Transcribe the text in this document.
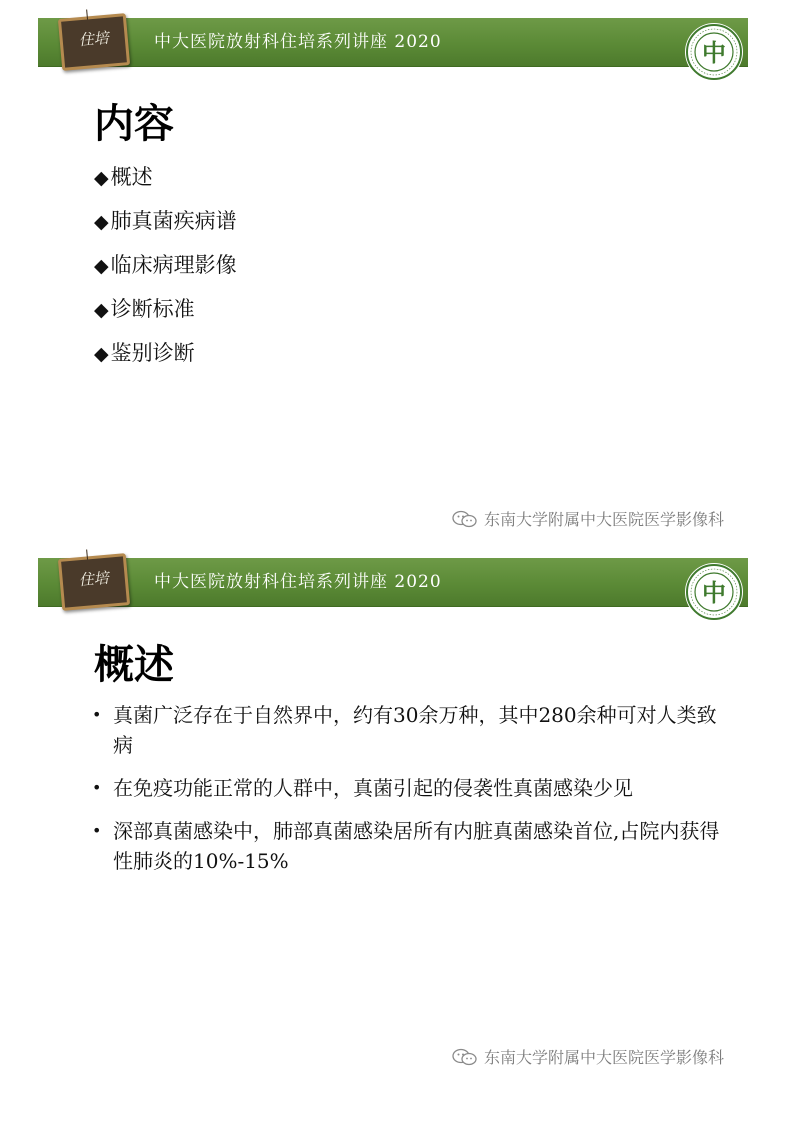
住培	中大医院放射科住培系列讲座 2020	中
内容
◆概述
◆肺真菌疾病谱
◆临床病理影像
◆诊断标准
◆鉴别诊断
东南大学附属中大医院医学影像科
住培	中大医院放射科住培系列讲座 2020	中
概述
• 真菌广泛存在于自然界中，约有30余万种，其中280余种可对人类致病
• 在免疫功能正常的人群中，真菌引起的侵袭性真菌感染少见
• 深部真菌感染中，肺部真菌感染居所有内脏真菌感染首位,占院内获得性肺炎的10%-15%
东南大学附属中大医院医学影像科
